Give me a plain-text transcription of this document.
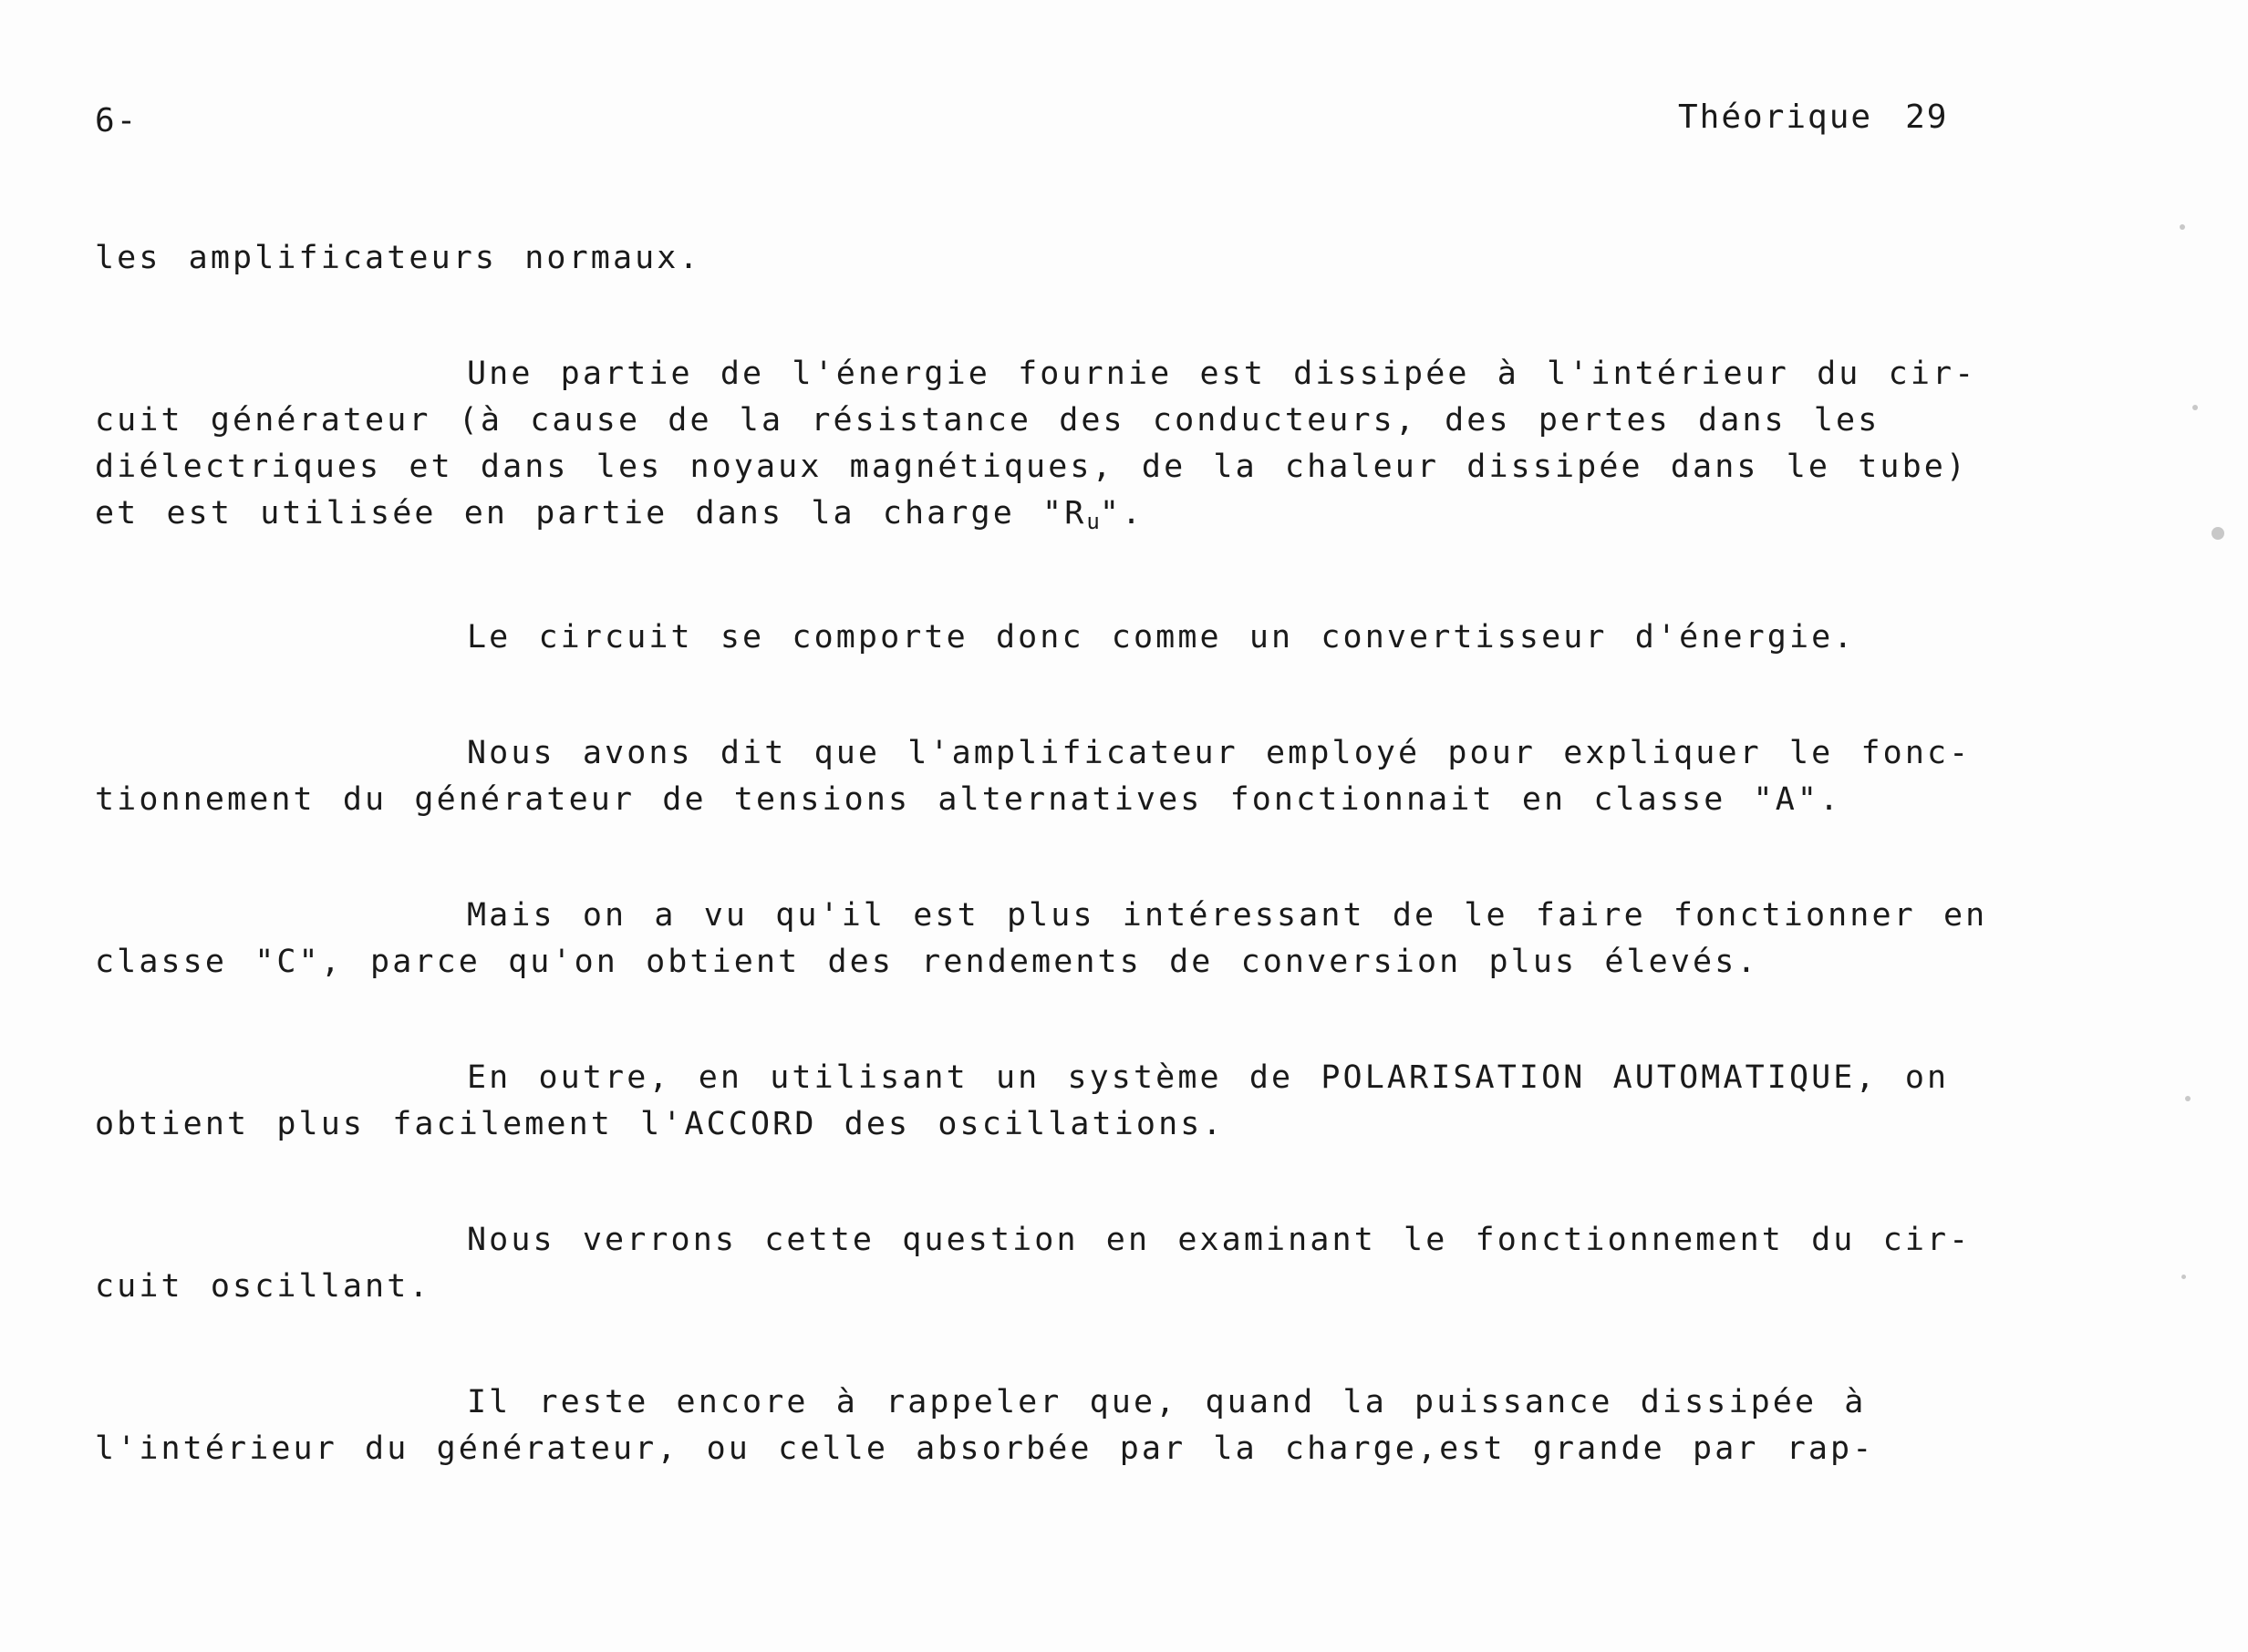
6-	Théorique 29

les amplificateurs normaux.

Une partie de l'énergie fournie est dissipée à l'intérieur du cir-
cuit générateur (à cause de la résistance des conducteurs, des pertes dans les
diélectriques et dans les noyaux magnétiques, de la chaleur dissipée dans le tube)
et est utilisée en partie dans la charge "$R_u$".

Le circuit se comporte donc comme un convertisseur d'énergie.

Nous avons dit que l'amplificateur employé pour expliquer le fonc-
tionnement du générateur de tensions alternatives fonctionnait en classe "A".

Mais on a vu qu'il est plus intéressant de le faire fonctionner en
classe "C", parce qu'on obtient des rendements de conversion plus élevés.

En outre, en utilisant un système de POLARISATION AUTOMATIQUE, on
obtient plus facilement l'ACCORD des oscillations.

Nous verrons cette question en examinant le fonctionnement du cir-
cuit oscillant.

Il reste encore à rappeler que, quand la puissance dissipée à
l'intérieur du générateur, ou celle absorbée par la charge,est grande par rap-
